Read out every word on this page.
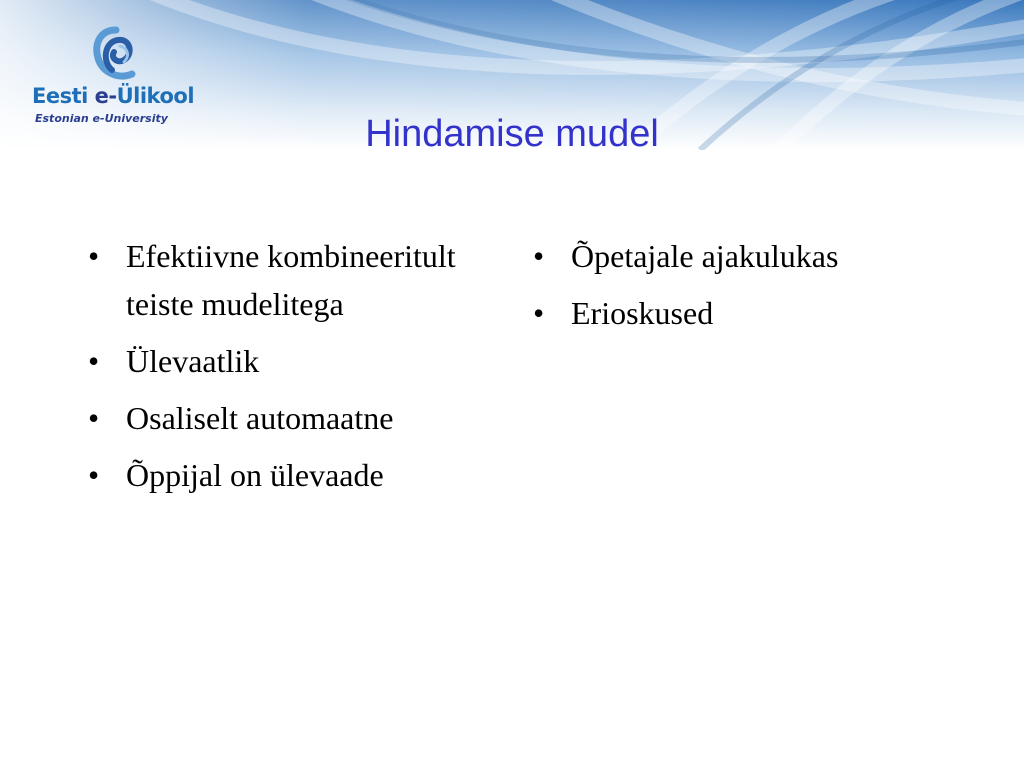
Eesti e-Ülikool
Estonian e-University	Hindamise mudel
• Efektiivne kombineeritult teiste mudelitega
• Ülevaatlik
• Osaliselt automaatne
• Õppijal on ülevaade
• Õpetajale ajakulukas
• Erioskused
